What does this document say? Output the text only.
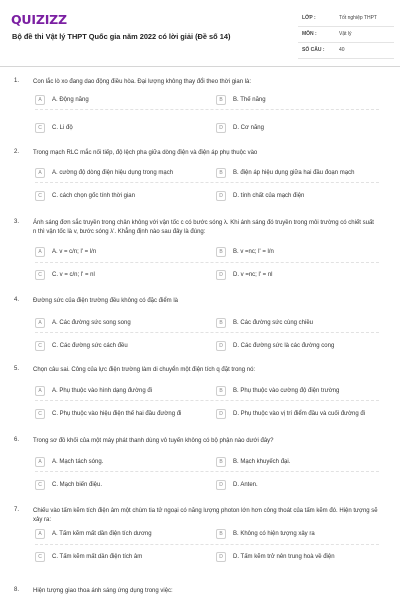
QUIZIZZ
Bộ đề thi Vật lý THPT Quốc gia năm 2022 có lời giải (Đề số 14)
LỚP :	Tốt nghiệp THPT
MÔN :	Vật lý
SỐ CÂU :	40
1. Con lắc lò xo đang dao động điều hòa. Đại lượng không thay đổi theo thời gian là:
A	A. Động năng	B	B. Thế năng
C	C. Li độ	D	D. Cơ năng
2. Trong mạch RLC mắc nối tiếp, độ lệch pha giữa dòng điện và điện áp phụ thuộc vào
A	A. cường độ dòng điện hiệu dụng trong mạch	B	B. điện áp hiệu dụng giữa hai đầu đoạn mạch
C	C. cách chọn gốc tính thời gian	D	D. tính chất của mạch điện
3. Ánh sáng đơn sắc truyền trong chân không với vận tốc c có bước sóng λ. Khi ánh sáng đó truyền trong môi trường có chiết suất n thì vận tốc là v, bước sóng λ'. Khẳng định nào sau đây là đúng:
A	A. v = c/n; l' = l/n	B	B. v =nc; l' = l/n
C	C. v = c/n; l' = nl	D	D. v =nc; l' = nl
4. Đường sức của điện trường đều không có đặc điểm là
A	A. Các đường sức song song	B	B. Các đường sức cùng chiều
C	C. Các đường sức cách đều	D	D. Các đường sức là các đường cong
5. Chọn câu sai. Công của lực điện trường làm di chuyển một điện tích q đặt trong nó:
A	A. Phụ thuộc vào hình dạng đường đi	B	B. Phụ thuộc vào cường độ điện trường
C	C. Phụ thuộc vào hiệu điện thế hai đầu đường đi	D	D. Phụ thuộc vào vị trí điểm đầu và cuối đường đi
6. Trong sơ đồ khối của một máy phát thanh dùng vô tuyến không có bộ phận nào dưới đây?
A	A. Mạch tách sóng.	B	B. Mạch khuyếch đại.
C	C. Mạch biến điệu.	D	D. Anten.
7. Chiếu vào tấm kẽm tích điện âm một chùm tia tử ngoại có năng lượng photon lớn hơn công thoát của tấm kẽm đó. Hiện tượng sẽ xảy ra:
A	A. Tấm kẽm mất dần điện tích dương	B	B. Không có hiện tượng xảy ra
C	C. Tấm kẽm mất dần điện tích âm	D	D. Tấm kẽm trở nên trung hoà về điện
8. Hiện tượng giao thoa ánh sáng ứng dụng trong việc:
